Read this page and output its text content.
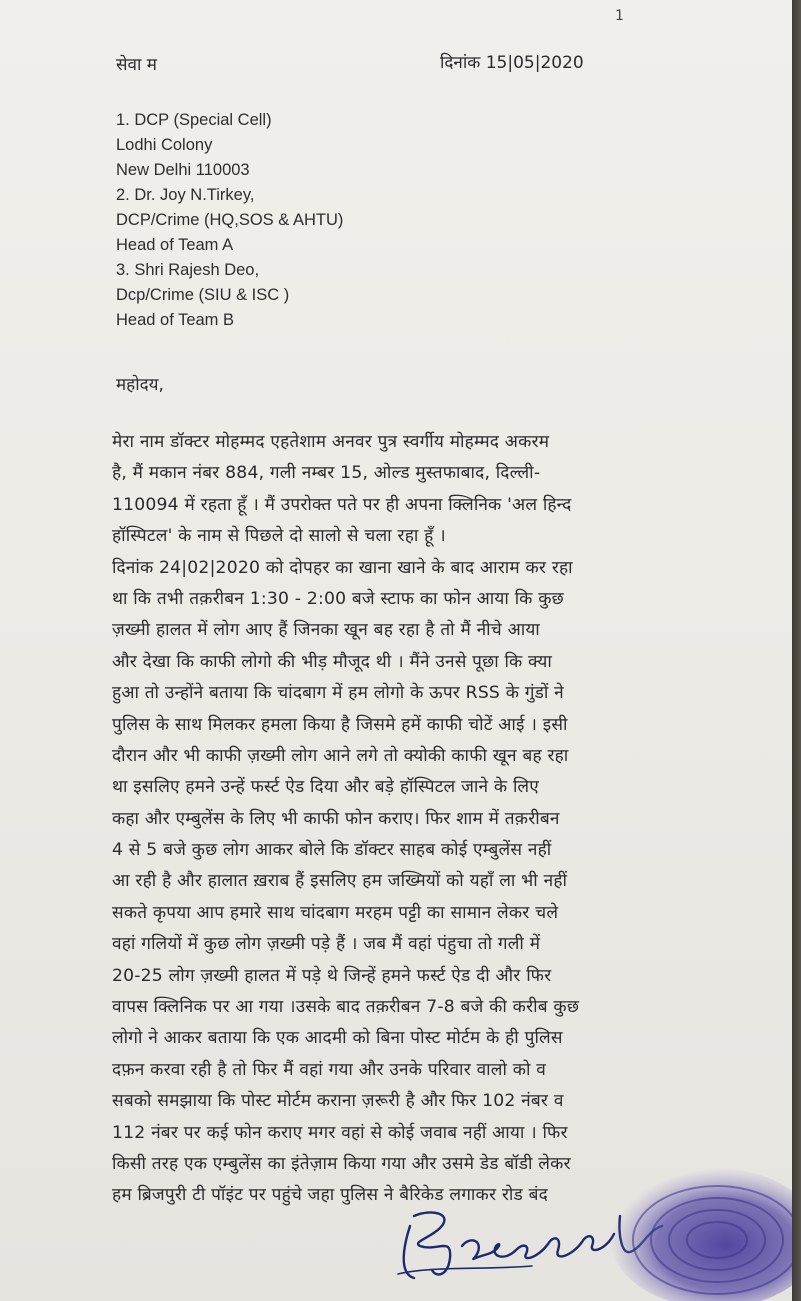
1
सेवा म	दिनांक 15|05|2020
1. DCP (Special Cell)
Lodhi Colony
New Delhi 110003
2. Dr. Joy N.Tirkey,
DCP/Crime (HQ,SOS & AHTU)
Head of Team A
3. Shri Rajesh Deo,
Dcp/Crime (SIU & ISC )
Head of Team B
महोदय,
मेरा नाम डॉक्टर मोहम्मद एहतेशाम अनवर पुत्र स्वर्गीय मोहम्मद अकरम
है, मैं मकान नंबर 884, गली नम्बर 15, ओल्ड मुस्तफाबाद, दिल्ली-
110094 में रहता हूँ । मैं उपरोक्त पते पर ही अपना क्लिनिक 'अल हिन्द
हॉस्पिटल' के नाम से पिछले दो सालो से चला रहा हूँ ।
दिनांक 24|02|2020 को दोपहर का खाना खाने के बाद आराम कर रहा
था कि तभी तक़रीबन 1:30 - 2:00 बजे स्टाफ का फोन आया कि कुछ
ज़ख्मी हालत में लोग आए हैं जिनका खून बह रहा है तो मैं नीचे आया
और देखा कि काफी लोगो की भीड़ मौजूद थी । मैंने उनसे पूछा कि क्या
हुआ तो उन्होंने बताया कि चांदबाग में हम लोगो के ऊपर RSS के गुंडों ने
पुलिस के साथ मिलकर हमला किया है जिसमे हमें काफी चोटें आई । इसी
दौरान और भी काफी ज़ख्मी लोग आने लगे तो क्योकी काफी खून बह रहा
था इसलिए हमने उन्हें फर्स्ट ऐड दिया और बड़े हॉस्पिटल जाने के लिए
कहा और एम्बुलेंस के लिए भी काफी फोन कराए। फिर शाम में तक़रीबन
4 से 5 बजे कुछ लोग आकर बोले कि डॉक्टर साहब कोई एम्बुलेंस नहीं
आ रही है और हालात ख़राब हैं इसलिए हम जख्मियों को यहाँ ला भी नहीं
सकते कृपया आप हमारे साथ चांदबाग मरहम पट्टी का सामान लेकर चले
वहां गलियों में कुछ लोग ज़ख्मी पड़े हैं । जब मैं वहां पंहुचा तो गली में
20-25 लोग ज़ख्मी हालत में पड़े थे जिन्हें हमने फर्स्ट ऐड दी और फिर
वापस क्लिनिक पर आ गया ।उसके बाद तक़रीबन 7-8 बजे की करीब कुछ
लोगो ने आकर बताया कि एक आदमी को बिना पोस्ट मोर्टम के ही पुलिस
दफ़न करवा रही है तो फिर मैं वहां गया और उनके परिवार वालो को व
सबको समझाया कि पोस्ट मोर्टम कराना ज़रूरी है और फिर 102 नंबर व
112 नंबर पर कई फोन कराए मगर वहां से कोई जवाब नहीं आया । फिर
किसी तरह एक एम्बुलेंस का इंतेज़ाम किया गया और उसमे डेड बॉडी लेकर
हम ब्रिजपुरी टी पॉइंट पर पहुंचे जहा पुलिस ने बैरिकेड लगाकर रोड बंद
